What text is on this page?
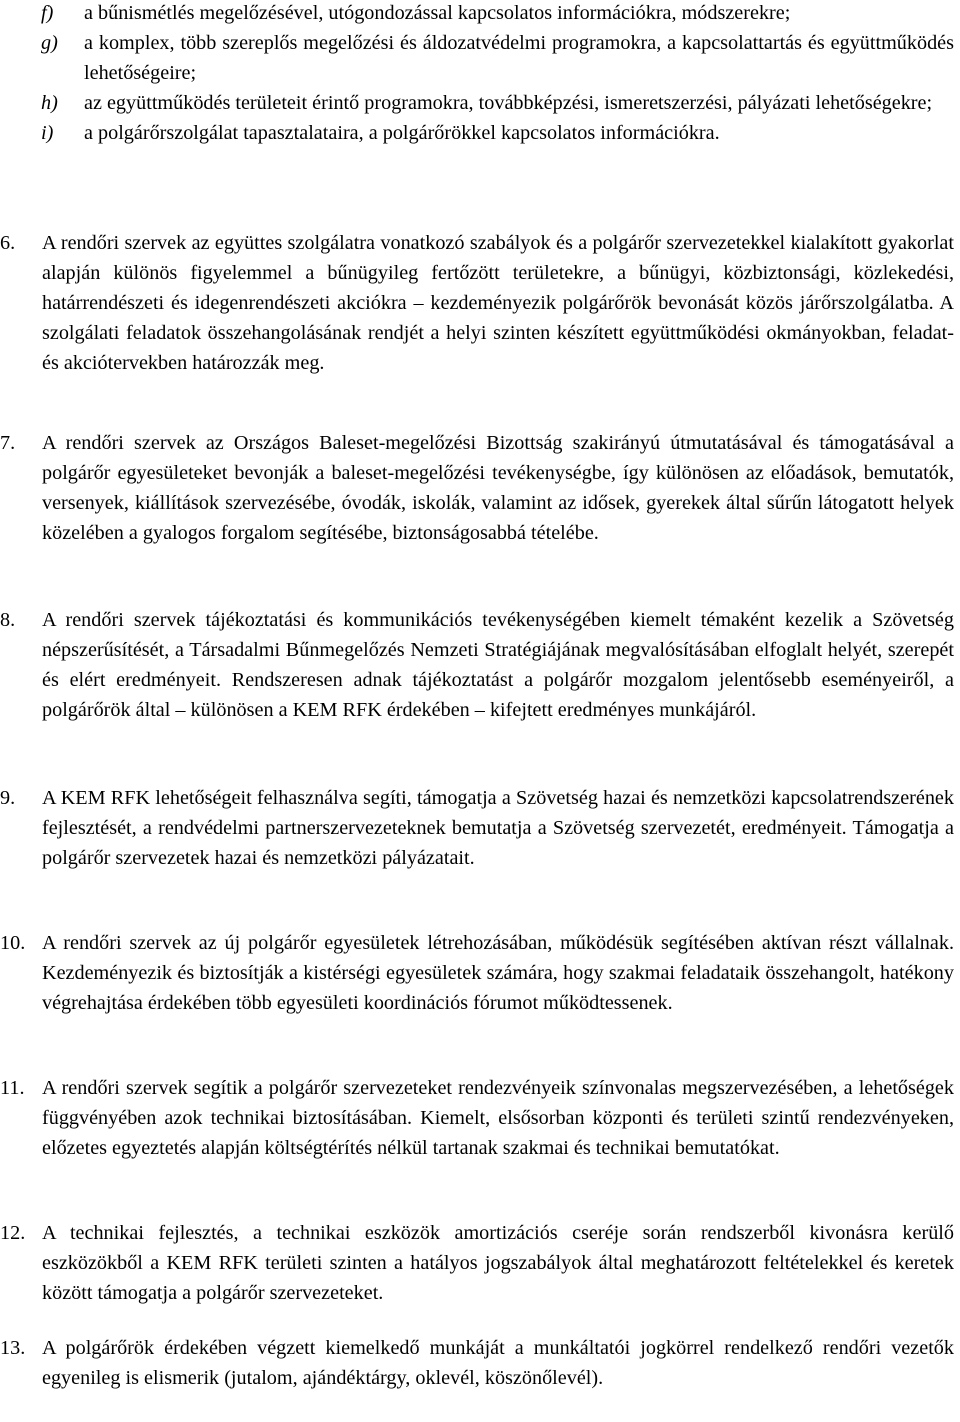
f) a bűnismétlés megelőzésével, utógondozással kapcsolatos információkra, módszerekre;
g) a komplex, több szereplős megelőzési és áldozatvédelmi programokra, a kapcsolattartás és együttműködés lehetőségeire;
h) az együttműködés területeit érintő programokra, továbbképzési, ismeretszerzési, pályázati lehetőségekre;
i) a polgárőrszolgálat tapasztalataira, a polgárőrökkel kapcsolatos információkra.
6. A rendőri szervek az együttes szolgálatra vonatkozó szabályok és a polgárőr szervezetekkel kialakított gyakorlat alapján különös figyelemmel a bűnügyileg fertőzött területekre, a bűnügyi, közbiztonsági, közlekedési, határrendészeti és idegenrendészeti akciókra – kezdeményezik polgárőrök bevonását közös járőrszolgálatba. A szolgálati feladatok összehangolásának rendjét a helyi szinten készített együttműködési okmányokban, feladat- és akciótervekben határozzák meg.
7. A rendőri szervek az Országos Baleset-megelőzési Bizottság szakirányú útmutatásával és támogatásával a polgárőr egyesületeket bevonják a baleset-megelőzési tevékenységbe, így különösen az előadások, bemutatók, versenyek, kiállítások szervezésébe, óvodák, iskolák, valamint az idősek, gyerekek által sűrűn látogatott helyek közelében a gyalogos forgalom segítésébe, biztonságosabbá tételébe.
8. A rendőri szervek tájékoztatási és kommunikációs tevékenységében kiemelt témaként kezelik a Szövetség népszerűsítését, a Társadalmi Bűnmegelőzés Nemzeti Stratégiájának megvalósításában elfoglalt helyét, szerepét és elért eredményeit. Rendszeresen adnak tájékoztatást a polgárőr mozgalom jelentősebb eseményeiről, a polgárőrök által – különösen a KEM RFK érdekében – kifejtett eredményes munkájáról.
9. A KEM RFK lehetőségeit felhasználva segíti, támogatja a Szövetség hazai és nemzetközi kapcsolatrendszerének fejlesztését, a rendvédelmi partnerszervezeteknek bemutatja a Szövetség szervezetét, eredményeit. Támogatja a polgárőr szervezetek hazai és nemzetközi pályázatait.
10. A rendőri szervek az új polgárőr egyesületek létrehozásában, működésük segítésében aktívan részt vállalnak. Kezdeményezik és biztosítják a kistérségi egyesületek számára, hogy szakmai feladataik összehangolt, hatékony végrehajtása érdekében több egyesületi koordinációs fórumot működtessenek.
11. A rendőri szervek segítik a polgárőr szervezeteket rendezvényeik színvonalas megszervezésében, a lehetőségek függvényében azok technikai biztosításában. Kiemelt, elsősorban központi és területi szintű rendezvényeken, előzetes egyeztetés alapján költségtérítés nélkül tartanak szakmai és technikai bemutatókat.
12. A technikai fejlesztés, a technikai eszközök amortizációs cseréje során rendszerből kivonásra kerülő eszközökből a KEM RFK területi szinten a hatályos jogszabályok által meghatározott feltételekkel és keretek között támogatja a polgárőr szervezeteket.
13. A polgárőrök érdekében végzett kiemelkedő munkáját a munkáltatói jogkörrel rendelkező rendőri vezetők egyenileg is elismerik (jutalom, ajándéktárgy, oklevél, köszönőlevél).
